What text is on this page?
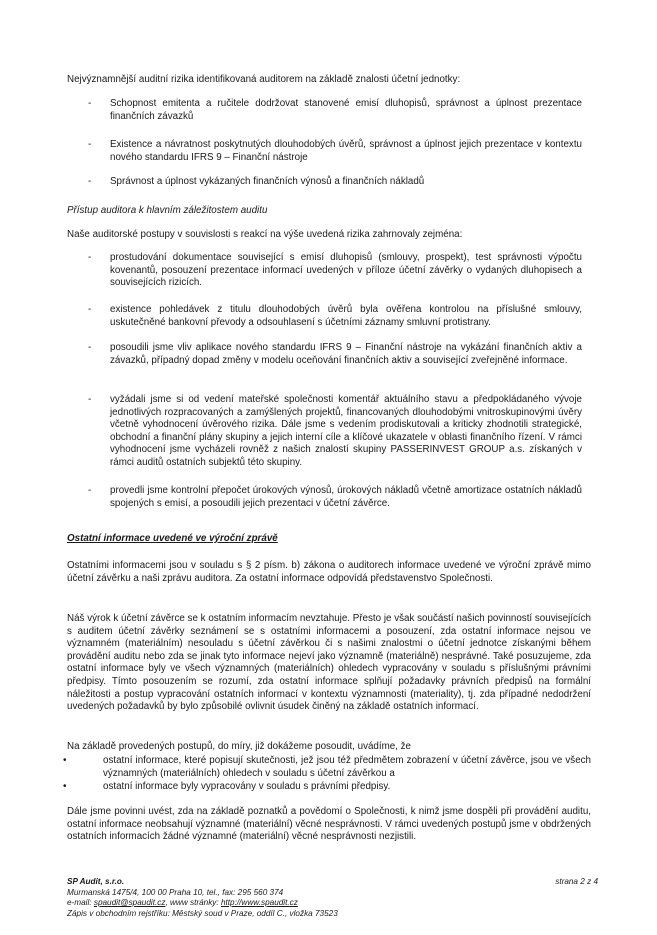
Nejvýznamnější auditní rizika identifikovaná auditorem na základě znalosti účetní jednotky:

- Schopnost emitenta a ručitele dodržovat stanovené emisí dluhopisů, správnost a úplnost prezentace finančních závazků

- Existence a návratnost poskytnutých dlouhodobých úvěrů, správnost a úplnost jejich prezentace v kontextu nového standardu IFRS 9 – Finanční nástroje

- Správnost a úplnost vykázaných finančních výnosů a finančních nákladů

Přístup auditora k hlavním záležitostem auditu

Naše auditorské postupy v souvislosti s reakcí na výše uvedená rizika zahrnovaly zejména:

- prostudování dokumentace související s emisí dluhopisů (smlouvy, prospekt), test správnosti výpočtu kovenantů, posouzení prezentace informací uvedených v příloze účetní závěrky o vydaných dluhopisech a souvisejících rizicích.

- existence pohledávek z titulu dlouhodobých úvěrů byla ověřena kontrolou na příslušné smlouvy, uskutečněné bankovní převody a odsouhlasení s účetními záznamy smluvní protistrany.

- posoudili jsme vliv aplikace nového standardu IFRS 9 – Finanční nástroje na vykázání finančních aktiv a závazků, případný dopad změny v modelu oceňování finančních aktiv a související zveřejněné informace.

- vyžádali jsme si od vedení mateřské společnosti komentář aktuálního stavu a předpokládaného vývoje jednotlivých rozpracovaných a zamýšlených projektů, financovaných dlouhodobými vnitroskupinovými úvěry včetně vyhodnocení úvěrového rizika. Dále jsme s vedením prodiskutovali a kriticky zhodnotili strategické, obchodní a finanční plány skupiny a jejich interní cíle a klíčové ukazatele v oblasti finančního řízení. V rámci vyhodnocení jsme vycházeli rovněž z našich znalostí skupiny PASSERINVEST GROUP a.s. získaných v rámci auditů ostatních subjektů této skupiny.

- provedli jsme kontrolní přepočet úrokových výnosů, úrokových nákladů včetně amortizace ostatních nákladů spojených s emisí, a posoudili jejich prezentaci v účetní závěrce.

Ostatní informace uvedené ve výroční zprávě

Ostatními informacemi jsou v souladu s § 2 písm. b) zákona o auditorech informace uvedené ve výroční zprávě mimo účetní závěrku a naši zprávu auditora. Za ostatní informace odpovídá představenstvo Společnosti.

Náš výrok k účetní závěrce se k ostatním informacím nevztahuje. Přesto je však součástí našich povinností souvisejících s auditem účetní závěrky seznámení se s ostatními informacemi a posouzení, zda ostatní informace nejsou ve významném (materiálním) nesouladu s účetní závěrkou či s našimi znalostmi o účetní jednotce získanými během provádění auditu nebo zda se jinak tyto informace nejeví jako významně (materiálně) nesprávné. Také posuzujeme, zda ostatní informace byly ve všech významných (materiálních) ohledech vypracovány v souladu s příslušnými právními předpisy. Tímto posouzením se rozumí, zda ostatní informace splňují požadavky právních předpisů na formální náležitosti a postup vypracování ostatních informací v kontextu významnosti (materiality), tj. zda případné nedodržení uvedených požadavků by bylo způsobilé ovlivnit úsudek činěný na základě ostatních informací.

Na základě provedených postupů, do míry, již dokážeme posoudit, uvádíme, že

•	ostatní informace, které popisují skutečnosti, jež jsou též předmětem zobrazení v účetní závěrce, jsou ve všech významných (materiálních) ohledech v souladu s účetní závěrkou a

•	ostatní informace byly vypracovány v souladu s právními předpisy.

Dále jsme povinni uvést, zda na základě poznatků a povědomí o Společnosti, k nimž jsme dospěli při provádění auditu, ostatní informace neobsahují významné (materiální) věcné nesprávnosti. V rámci uvedených postupů jsme v obdržených ostatních informacích žádné významné (materiální) věcné nesprávnosti nezjistili.

SP Audit, s.r.o.
Murmanská 1475/4, 100 00 Praha 10, tel., fax: 295 560 374
e-mail: spaudit@spaudit.cz, www stránky: http://www.spaudit.cz
Zápis v obchodním rejstříku: Městský soud v Praze, oddíl C., vložka 73523
strana 2 z 4
